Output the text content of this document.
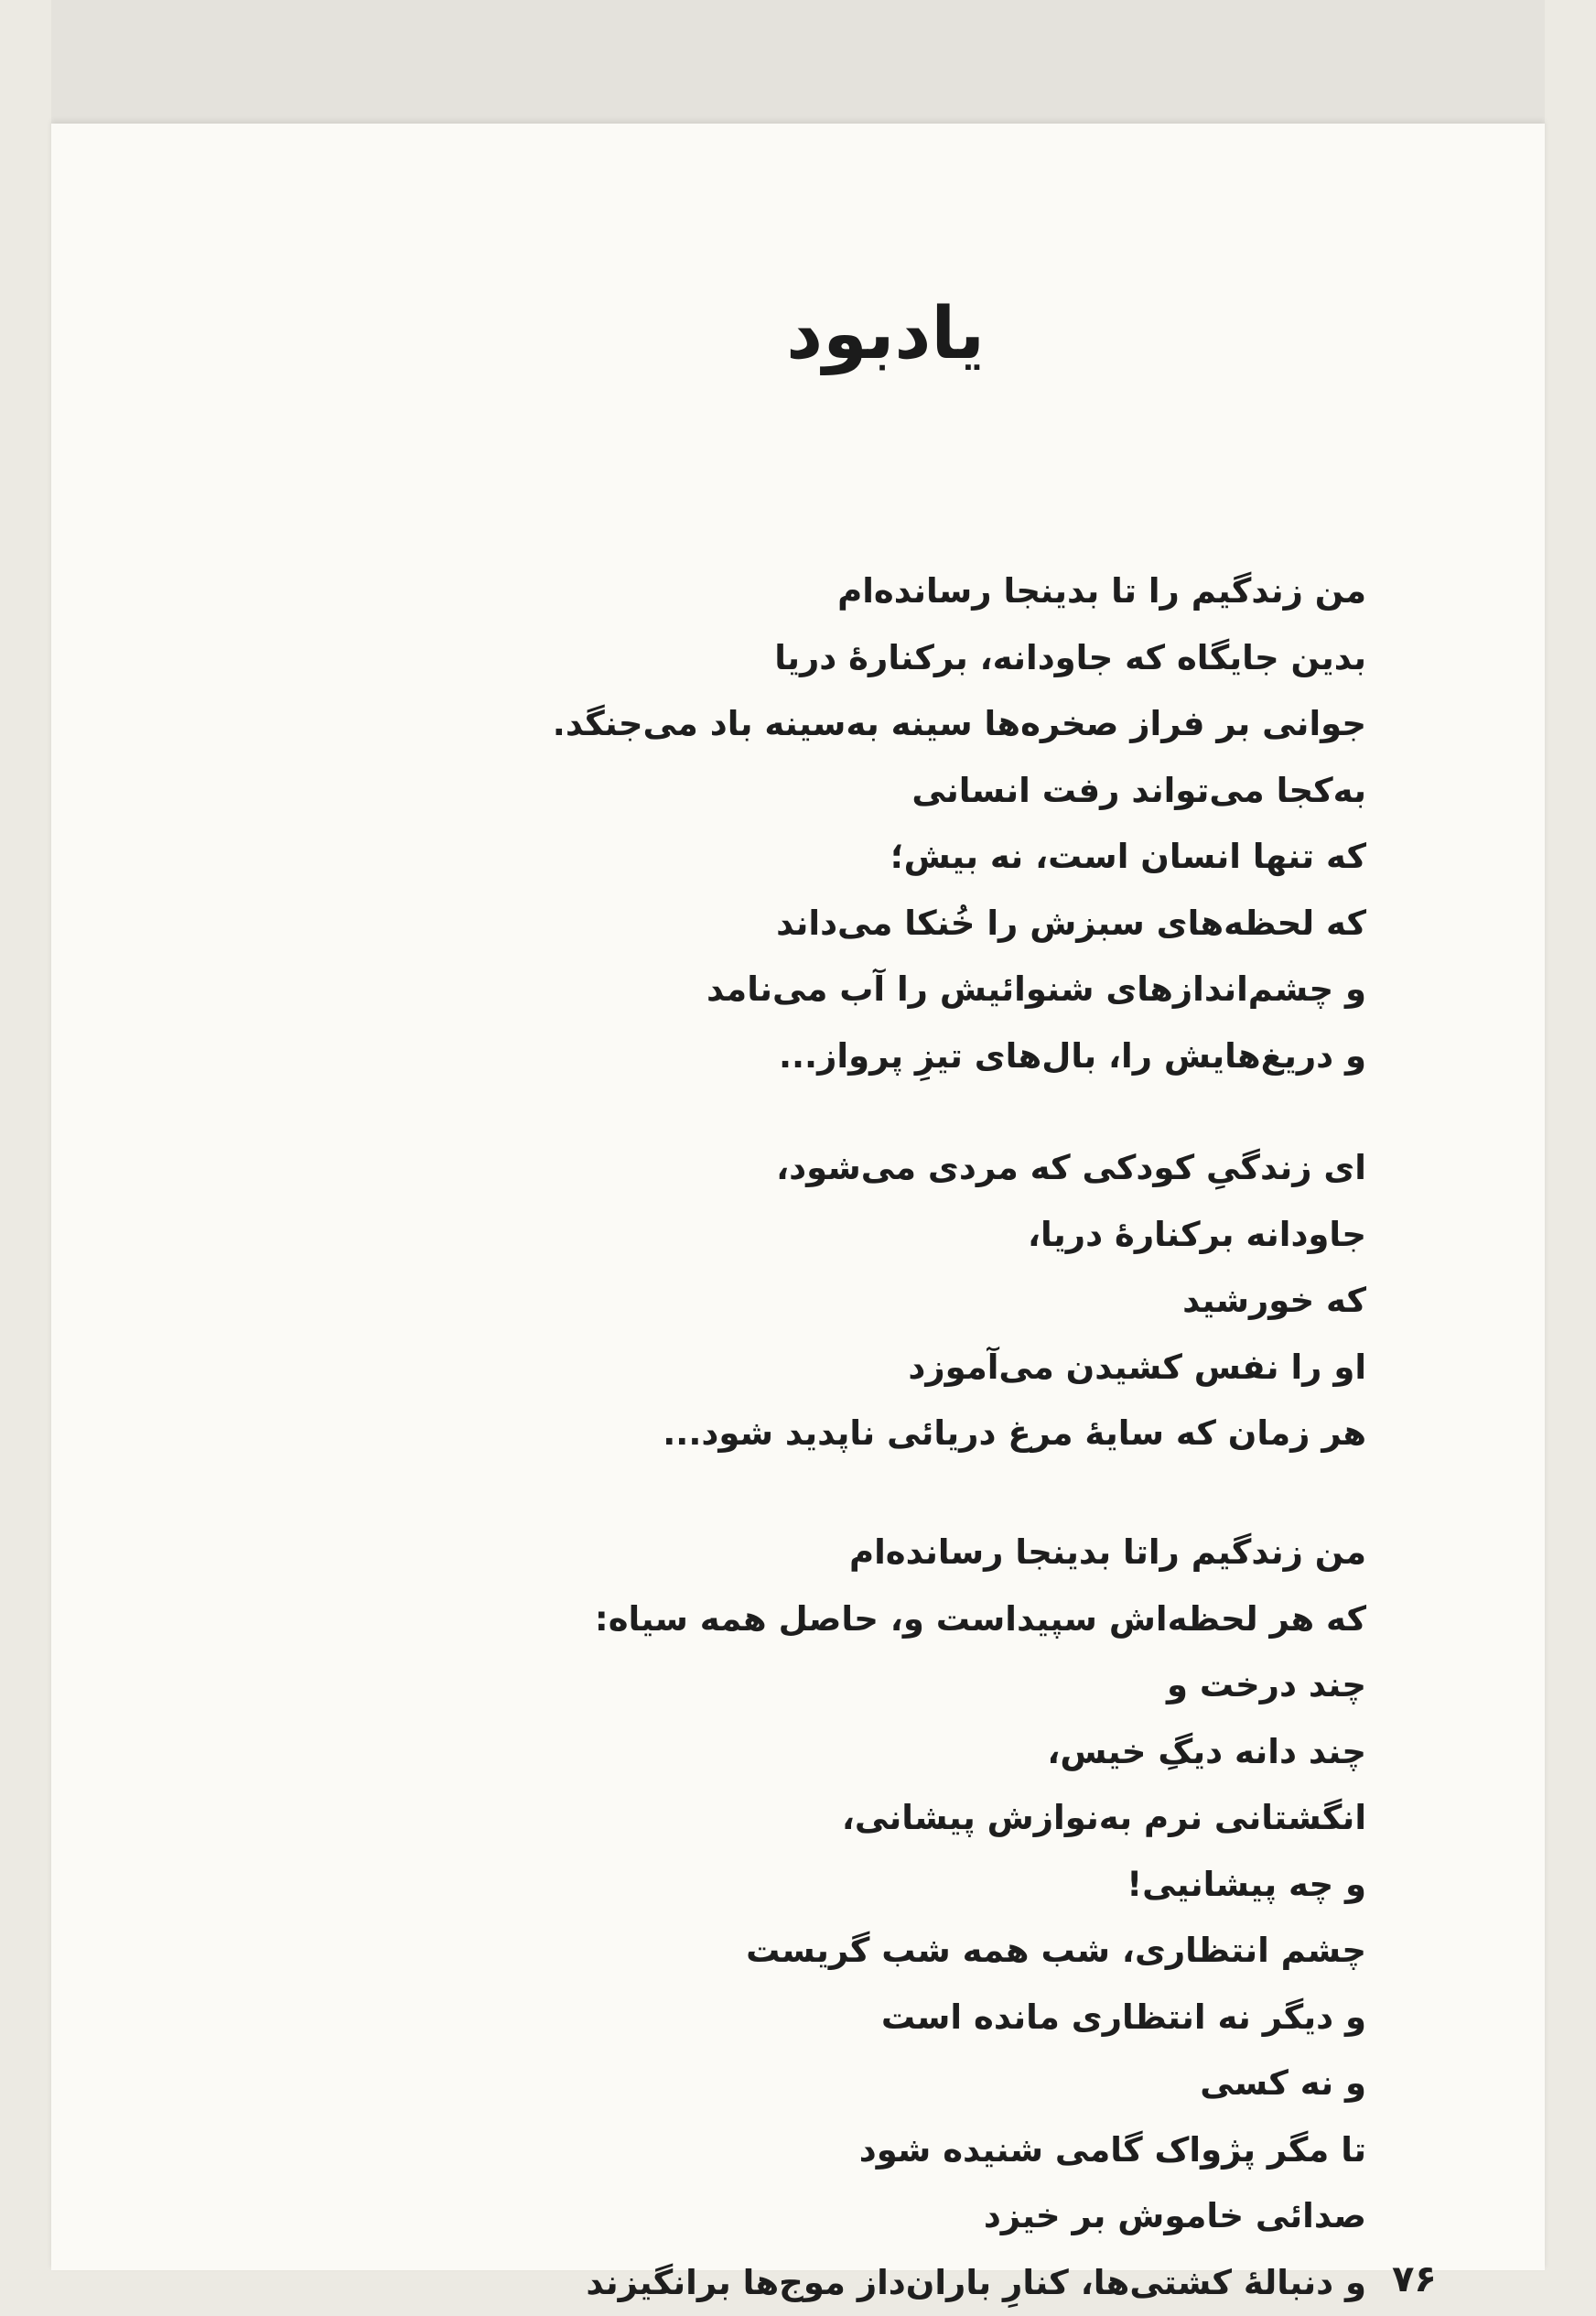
یادبود
من زندگیم را تا بدینجا رسانده‌ام
بدین جایگاه که جاودانه، برکنارۀ دریا
جوانی بر فراز صخره‌ها سینه به‌سینه باد می‌جنگد.
به‌کجا می‌تواند رفت انسانی
که تنها انسان است، نه بیش؛
که لحظه‌های سبزش را خُنکا می‌داند
و چشم‌اندازهای شنوائیش را آب می‌نامد
و دریغ‌هایش را، بال‌های تیزِ پرواز...
ای زندگیِ کودکی که مردی می‌شود،
جاودانه برکنارۀ دریا،
که خورشید
او را نفس کشیدن می‌آموزد
هر زمان که سایۀ مرغ دریائی ناپدید شود...
من زندگیم راتا بدینجا رسانده‌ام
که هر لحظه‌اش سپیداست و، حاصل همه سیاه:
چند درخت و
چند دانه دیگِ خیس،
انگشتانی نرم به‌نوازش پیشانی،
و چه پیشانیی!
چشم انتظاری، شب همه شب گریست
و دیگر نه انتظاری مانده است
و نه کسی
تا مگر پژواک گامی شنیده شود
صدائی خاموش بر خیزد
و دنبالۀ کشتی‌ها، کنارِ باران‌داز موج‌ها برانگیزند ۷۶
